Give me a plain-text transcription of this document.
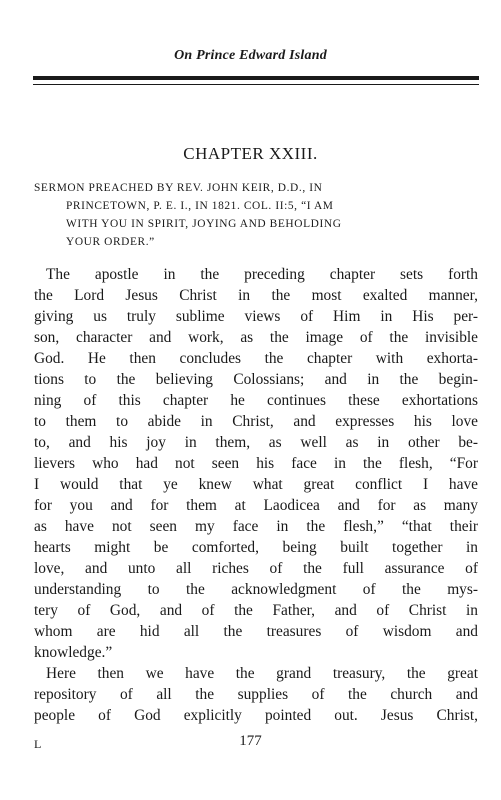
On Prince Edward Island
CHAPTER XXIII.
SERMON PREACHED BY REV. JOHN KEIR, D.D., IN
PRINCETOWN, P. E. I., IN 1821. COL. II:5, “I AM
WITH YOU IN SPIRIT, JOYING AND BEHOLDING
YOUR ORDER.”
The apostle in the preceding chapter sets forth
the Lord Jesus Christ in the most exalted manner,
giving us truly sublime views of Him in His per-
son, character and work, as the image of the invisible
God. He then concludes the chapter with exhorta-
tions to the believing Colossians; and in the begin-
ning of this chapter he continues these exhortations
to them to abide in Christ, and expresses his love
to, and his joy in them, as well as in other be-
lievers who had not seen his face in the flesh, “For
I would that ye knew what great conflict I have
for you and for them at Laodicea and for as many
as have not seen my face in the flesh,” “that their
hearts might be comforted, being built together in
love, and unto all riches of the full assurance of
understanding to the acknowledgment of the mys-
tery of God, and of the Father, and of Christ in
whom are hid all the treasures of wisdom and
knowledge.”
Here then we have the grand treasury, the great
repository of all the supplies of the church and
people of God explicitly pointed out. Jesus Christ,
L	177
